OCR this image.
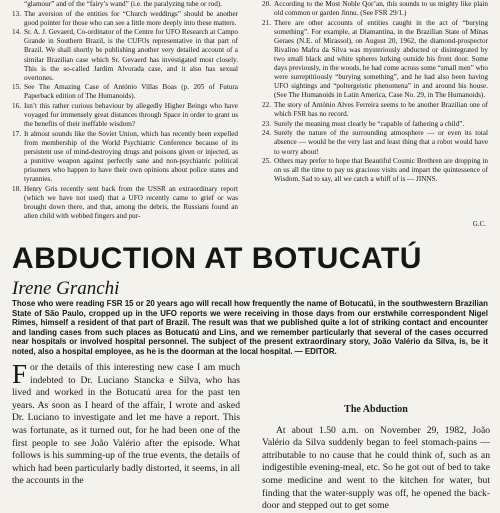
“glamour” and of the “fairy’s wand” (i.e. the paralyzing tube or rod).
13. The aversion of the entities for “Church weddings” should be another good pointer for those who can see a little more deeply into these matters.
14. Sr. A. J. Gevaerd, Co-ordinator of the Centre for UFO Research at Campo Grande in Southern Brazil, is the CUFOs representative in that part of Brazil. We shall shortly be publishing another very detailed account of a similar Brazilian case which Sr. Gevaerd has investigated most closely. This is the so-called Jardim Alvorada case, and it also has sexual overtones.
15. See The Amazing Case of António Villas Boas (p. 205 of Futura Paperback edition of The Humanoids).
16. Isn’t this rather curious behaviour by allegedly Higher Beings who have voyaged for immensely great distances through Space in order to grant us the benefits of their ineffable wisdom?
17. It almost sounds like the Soviet Union, which has recently been expelled from membership of the World Psychiatric Conference because of its persistent use of mind-destroying drugs and poisons given or injected, as a punitive weapon against perfectly sane and non-psychiatric political prisoners who happen to have their own opinions about police states and tyrannies.
18. Henry Gris recently sent back from the USSR an extraordinary report (which we have not used) that a UFO recently came to grief or was brought down there, and that, among the debris, the Russians found an alien child with webbed fingers and pur-
20. According to the Most Noble Qor’an, this sounds to us mighty like plain old common or garden Jinnu. (See FSR 29/1.)
21. There are other accounts of entities caught in the act of “burying something”. For example, at Diamantina, in the Brazilian State of Minas Geraes (N.E. of Mirassol), on August 20, 1962, the diamond-prospector Rivalino Mafra da Silva was mysteriously abducted or disintegrated by two small black and white spheres lurking outside his front door. Some days previously, in the woods, he had come across some “small men” who were surreptitiously “burying something”, and he had also been having UFO sightings and “poltergeistic phenomena” in and around his house. (See The Humanoids in Latin America, Case No. 29, in The Humanoids).
22. The story of António Alves Ferreira seems to be another Brazilian one of which FSR has no record.
23. Surely the meaning must clearly be “capable of fathering a child”.
24. Surely the nature of the surrounding atmosphere — or even its total absence — would be the very last and least thing that a robot would have to worry about!
25. Others may prefer to hope that Beautiful Cosmic Brethren are dropping in on us all the time to pay us gracious visits and impart the quintessence of Wisdom. Sad to say, all we catch a whiff of is — JINNS.
G.C.
ABDUCTION AT BOTUCATÚ
Irene Granchi
Those who were reading FSR 15 or 20 years ago will recall how frequently the name of Botucatú, in the southwestern Brazilian State of São Paulo, cropped up in the UFO reports we were receiving in those days from our erstwhile correspondent Nigel Rimes, himself a resident of that part of Brazil. The result was that we published quite a lot of striking contact and encounter and landing cases from such places as Botucatú and Lins, and we remember particularly that several of the cases occurred near hospitals or involved hospital personnel. The subject of the present extraordinary story, João Valério da Silva, is, be it noted, also a hospital employee, as he is the doorman at the local hospital. — EDITOR.
For the details of this interesting new case I am much indebted to Dr. Luciano Stancka e Silva, who has lived and worked in the Botucatú area for the past ten years. As soon as I heard of the affair, I wrote and asked Dr. Luciano to investigate and let me have a report. This was fortunate, as it turned out, for he had been one of the first people to see João Valério after the episode. What follows is his summing-up of the true events, the details of which had been particularly badly distorted, it seems, in all the accounts in the
The Abduction

At about 1.50 a.m. on November 29, 1982, João Valério da Silva suddenly began to feel stomach-pains — attributable to no cause that he could think of, such as an indigestible evening-meal, etc. So he got out of bed to take some medicine and went to the kitchen for water, but finding that the water-supply was off, he opened the back-door and stepped out to get some
